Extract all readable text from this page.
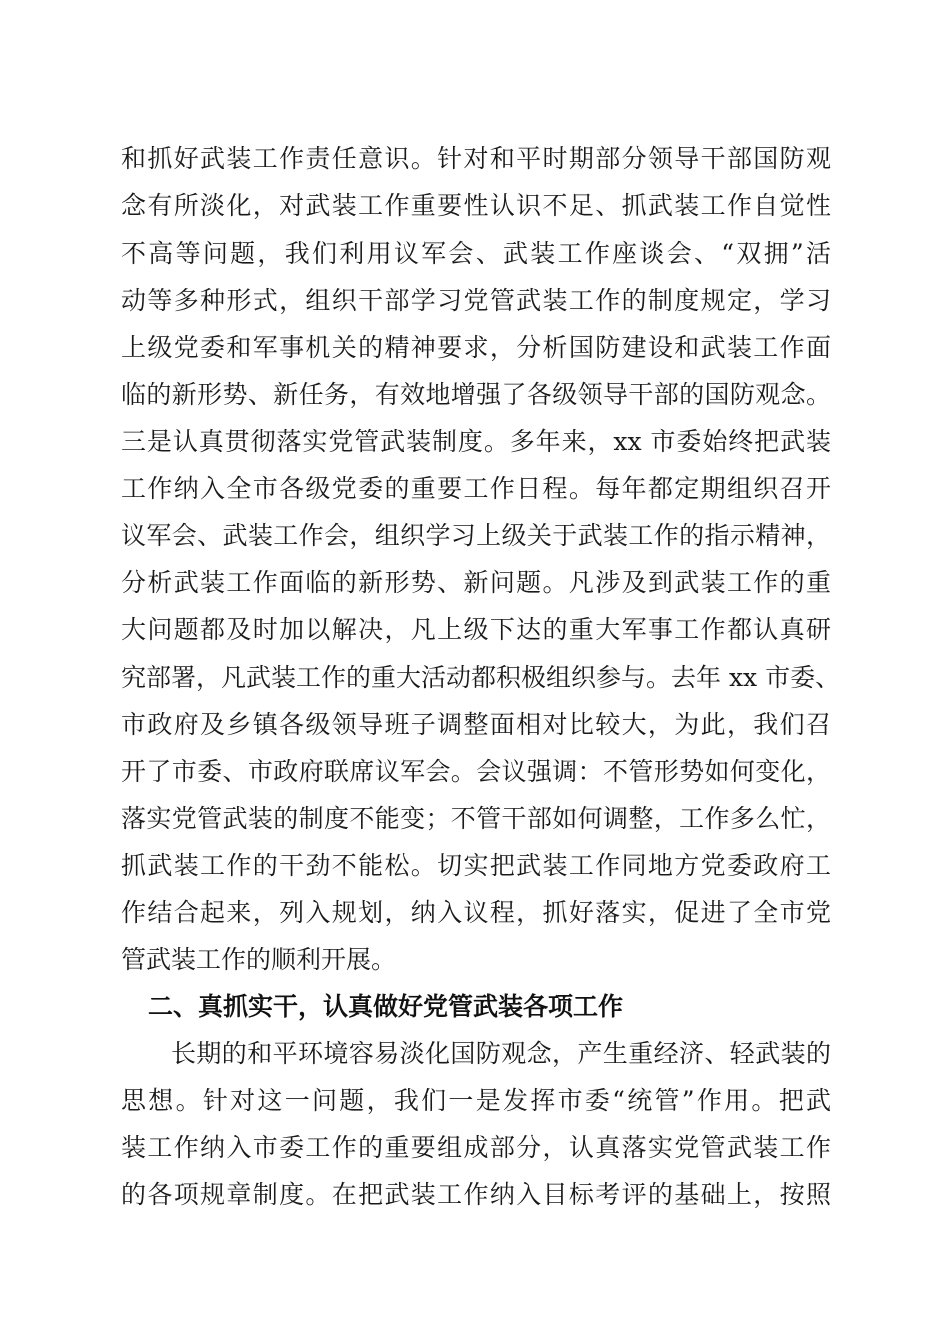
和抓好武装工作责任意识。针对和平时期部分领导干部国防观
念有所淡化，对武装工作重要性认识不足、抓武装工作自觉性
不高等问题，我们利用议军会、武装工作座谈会、“双拥”活
动等多种形式，组织干部学习党管武装工作的制度规定，学习
上级党委和军事机关的精神要求，分析国防建设和武装工作面
临的新形势、新任务，有效地增强了各级领导干部的国防观念。
三是认真贯彻落实党管武装制度。多年来，xx 市委始终把武装
工作纳入全市各级党委的重要工作日程。每年都定期组织召开
议军会、武装工作会，组织学习上级关于武装工作的指示精神，
分析武装工作面临的新形势、新问题。凡涉及到武装工作的重
大问题都及时加以解决，凡上级下达的重大军事工作都认真研
究部署，凡武装工作的重大活动都积极组织参与。去年 xx 市委、
市政府及乡镇各级领导班子调整面相对比较大，为此，我们召
开了市委、市政府联席议军会。会议强调：不管形势如何变化，
落实党管武装的制度不能变；不管干部如何调整，工作多么忙，
抓武装工作的干劲不能松。切实把武装工作同地方党委政府工
作结合起来，列入规划，纳入议程，抓好落实，促进了全市党
管武装工作的顺利开展。
二、真抓实干，认真做好党管武装各项工作
长期的和平环境容易淡化国防观念，产生重经济、轻武装的
思想。针对这一问题，我们一是发挥市委“统管”作用。把武
装工作纳入市委工作的重要组成部分，认真落实党管武装工作
的各项规章制度。在把武装工作纳入目标考评的基础上，按照
